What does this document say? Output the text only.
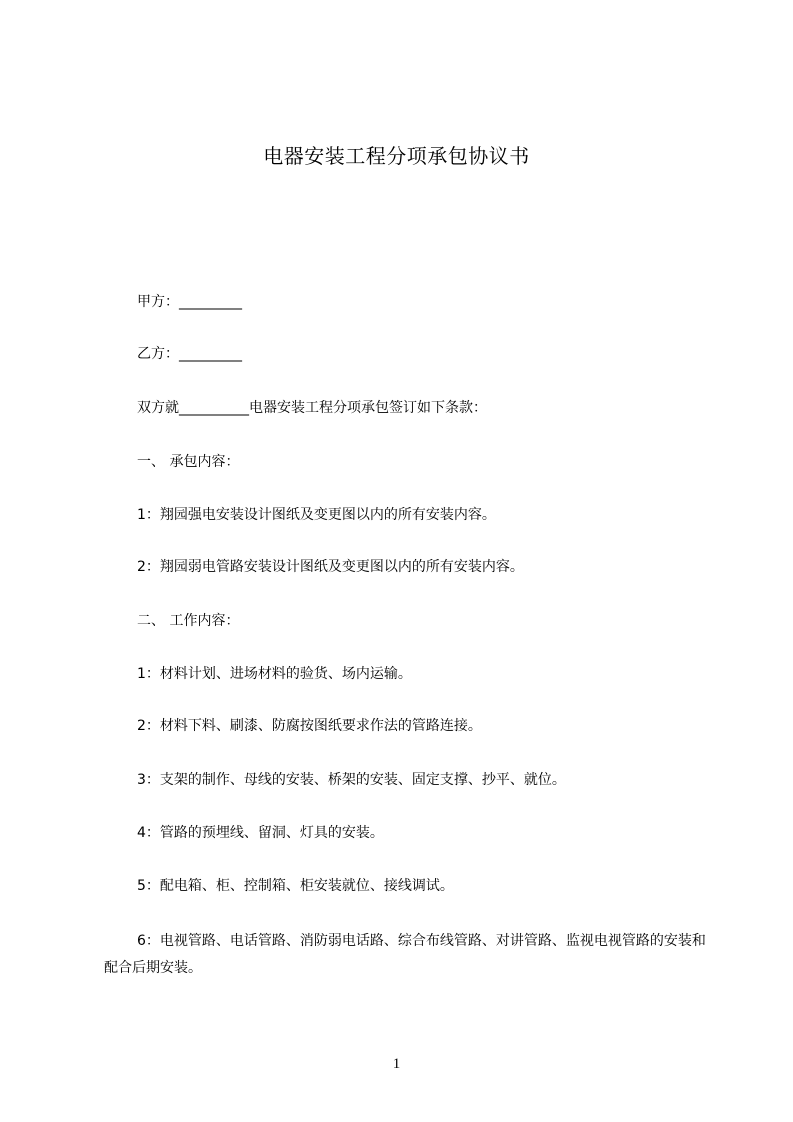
电器安装工程分项承包协议书
甲方：_________
乙方：_________
双方就__________电器安装工程分项承包签订如下条款：
一、 承包内容：
1：翔园强电安装设计图纸及变更图以内的所有安装内容。
2：翔园弱电管路安装设计图纸及变更图以内的所有安装内容。
二、 工作内容：
1：材料计划、进场材料的验货、场内运输。
2：材料下料、刷漆、防腐按图纸要求作法的管路连接。
3：支架的制作、母线的安装、桥架的安装、固定支撑、抄平、就位。
4：管路的预埋线、留洞、灯具的安装。
5：配电箱、柜、控制箱、柜安装就位、接线调试。
6：电视管路、电话管路、消防弱电话路、综合布线管路、对讲管路、监视电视管路的安装和配合后期安装。
1
